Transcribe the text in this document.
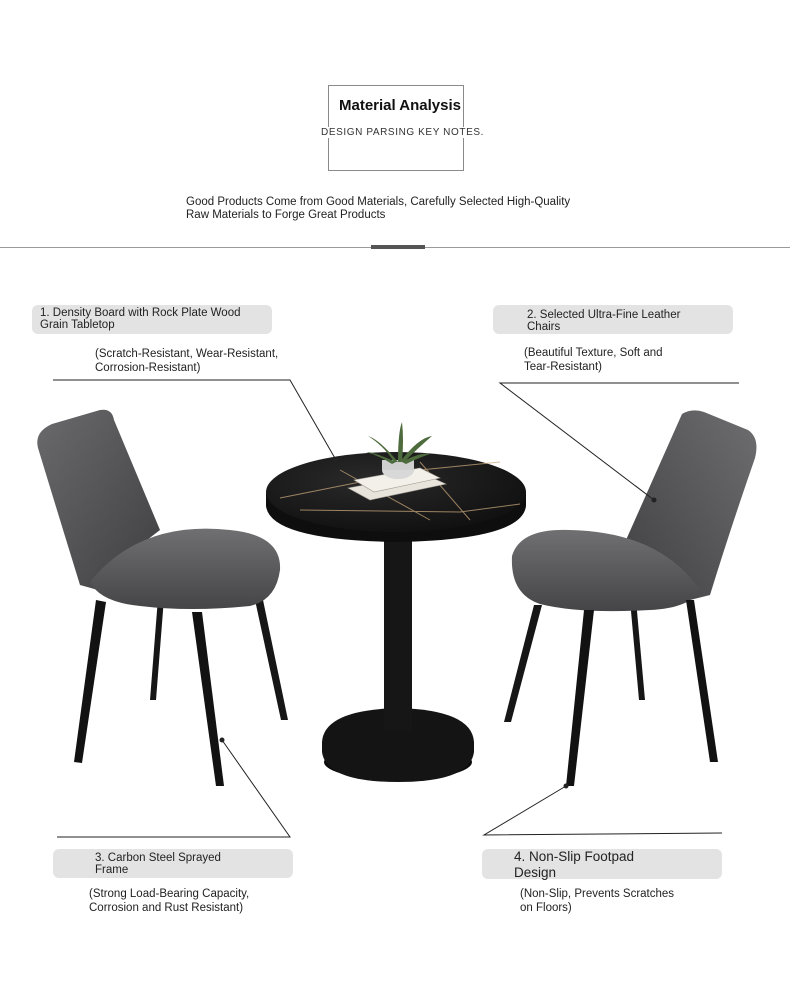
Material Analysis
DESIGN PARSING KEY NOTES.
Good Products Come from Good Materials, Carefully Selected High-Quality
Raw Materials to Forge Great Products
1. Density Board with Rock Plate Wood
Grain Tabletop
(Scratch-Resistant, Wear-Resistant,
Corrosion-Resistant)
2. Selected Ultra-Fine Leather
Chairs
(Beautiful Texture, Soft and
Tear-Resistant)
3. Carbon Steel Sprayed
Frame
(Strong Load-Bearing Capacity,
Corrosion and Rust Resistant)
4. Non-Slip Footpad
Design
(Non-Slip, Prevents Scratches
on Floors)
